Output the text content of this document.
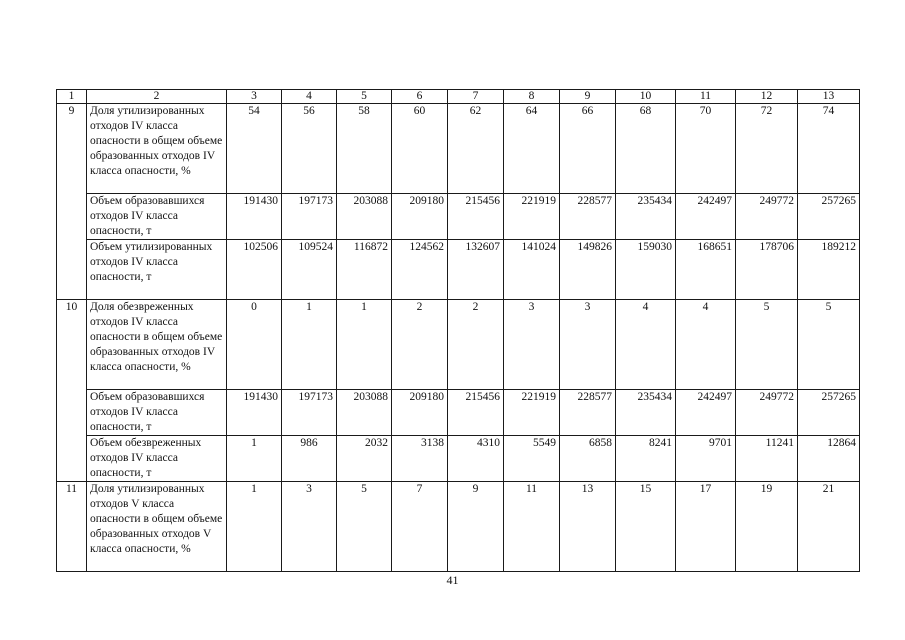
1	2	3	4	5	6	7	8	9	10	11	12	13
9	Доля утилизированных отходов IV класса опасности в общем объеме образованных отходов IV класса опасности, %	54	56	58	60	62	64	66	68	70	72	74
	Объем образовавшихся отходов IV класса опасности, т	191430	197173	203088	209180	215456	221919	228577	235434	242497	249772	257265
	Объем утилизированных отходов IV класса опасности, т	102506	109524	116872	124562	132607	141024	149826	159030	168651	178706	189212
10	Доля обезвреженных отходов IV класса опасности в общем объеме образованных отходов IV класса опасности, %	0	1	1	2	2	3	3	4	4	5	5
	Объем образовавшихся отходов IV класса опасности, т	191430	197173	203088	209180	215456	221919	228577	235434	242497	249772	257265
	Объем обезвреженных отходов IV класса опасности, т	1	986	2032	3138	4310	5549	6858	8241	9701	11241	12864
11	Доля утилизированных отходов V класса опасности в общем объеме образованных отходов V класса опасности, %	1	3	5	7	9	11	13	15	17	19	21
41
